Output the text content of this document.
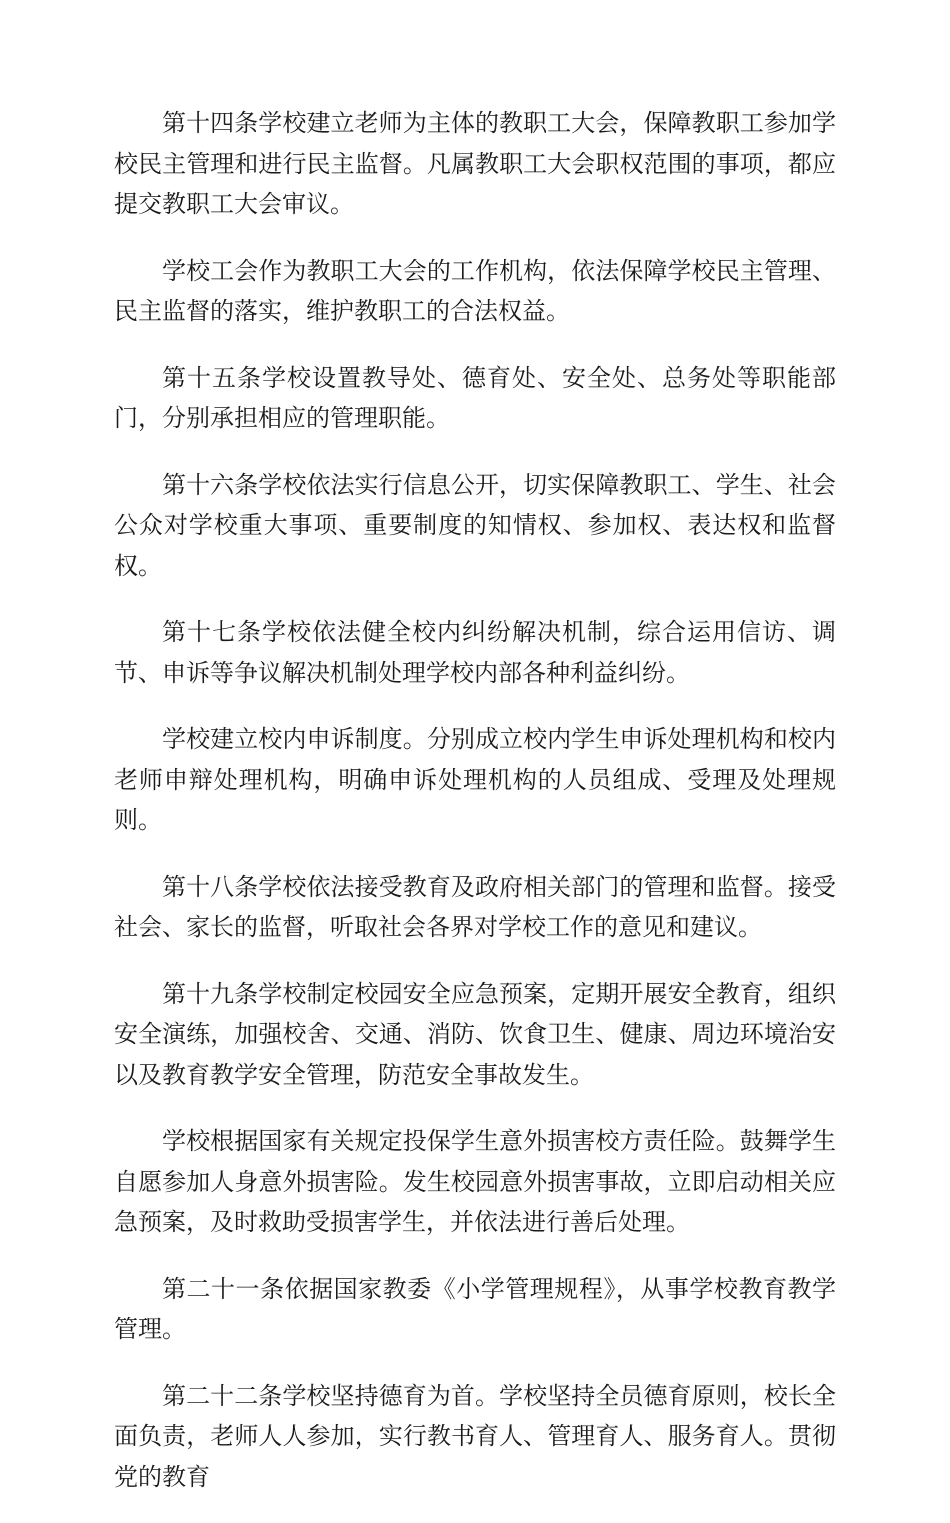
第十四条学校建立老师为主体的教职工大会，保障教职工参加学校民主管理和进行民主监督。凡属教职工大会职权范围的事项，都应提交教职工大会审议。

学校工会作为教职工大会的工作机构，依法保障学校民主管理、民主监督的落实，维护教职工的合法权益。

第十五条学校设置教导处、德育处、安全处、总务处等职能部门，分别承担相应的管理职能。

第十六条学校依法实行信息公开，切实保障教职工、学生、社会公众对学校重大事项、重要制度的知情权、参加权、表达权和监督权。

第十七条学校依法健全校内纠纷解决机制，综合运用信访、调节、申诉等争议解决机制处理学校内部各种利益纠纷。

学校建立校内申诉制度。分别成立校内学生申诉处理机构和校内老师申辩处理机构，明确申诉处理机构的人员组成、受理及处理规则。

第十八条学校依法接受教育及政府相关部门的管理和监督。接受社会、家长的监督，听取社会各界对学校工作的意见和建议。

第十九条学校制定校园安全应急预案，定期开展安全教育，组织安全演练，加强校舍、交通、消防、饮食卫生、健康、周边环境治安以及教育教学安全管理，防范安全事故发生。

学校根据国家有关规定投保学生意外损害校方责任险。鼓舞学生自愿参加人身意外损害险。发生校园意外损害事故，立即启动相关应急预案，及时救助受损害学生，并依法进行善后处理。

第二十一条依据国家教委《小学管理规程》，从事学校教育教学管理。

第二十二条学校坚持德育为首。学校坚持全员德育原则，校长全面负责，老师人人参加，实行教书育人、管理育人、服务育人。贯彻党的教育
